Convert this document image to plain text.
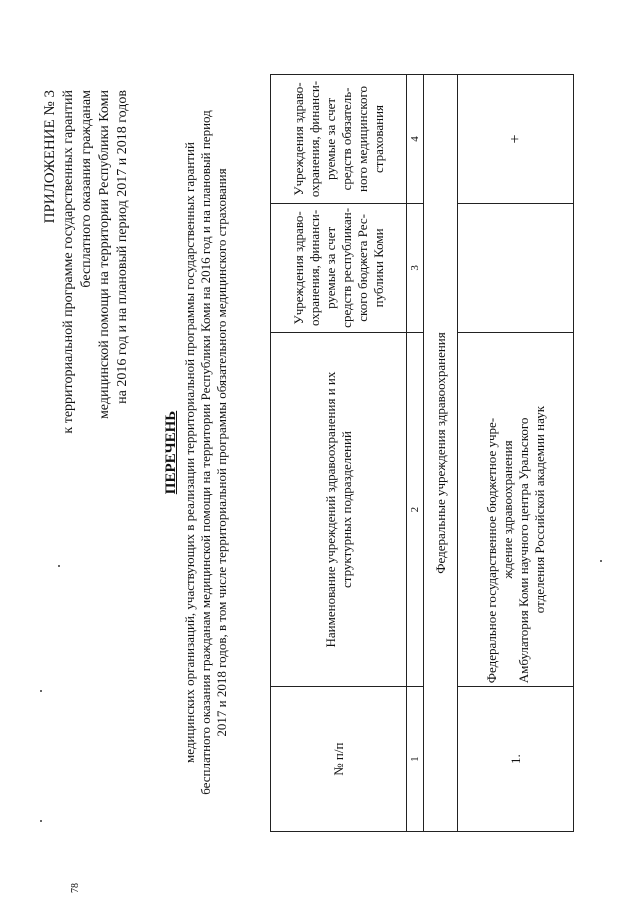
ПРИЛОЖЕНИЕ № 3 к территориальной программе государственных гарантий бесплатного оказания гражданам медицинской помощи на территории Республики Коми на 2016 год и на плановый период 2017 и 2018 годов
ПЕРЕЧЕНЬ медицинских организаций, участвующих в реализации территориальной программы государственных гарантий бесплатного оказания гражданам медицинской помощи на территории Республики Коми на 2016 год и на плановый период 2017 и 2018 годов, в том числе территориальной программы обязательного медицинского страхования
№ п/п	Наименование учреждений здравоохранения и их структурных подразделений	Учреждения здраво-охранения, финанси-руемые за счет средств республикан-ского бюджета Рес-публики Коми	Учреждения здраво-охранения, финанси-руемые за счет средств обязатель-ного медицинского страхования
1	2	3	4
Федеральные учреждения здравоохранения			
1.	Федеральное государственное бюджетное учре- ждение здравоохранения Амбулатория Коми научного центра Уральского отделения Российской академии наук		+
78
